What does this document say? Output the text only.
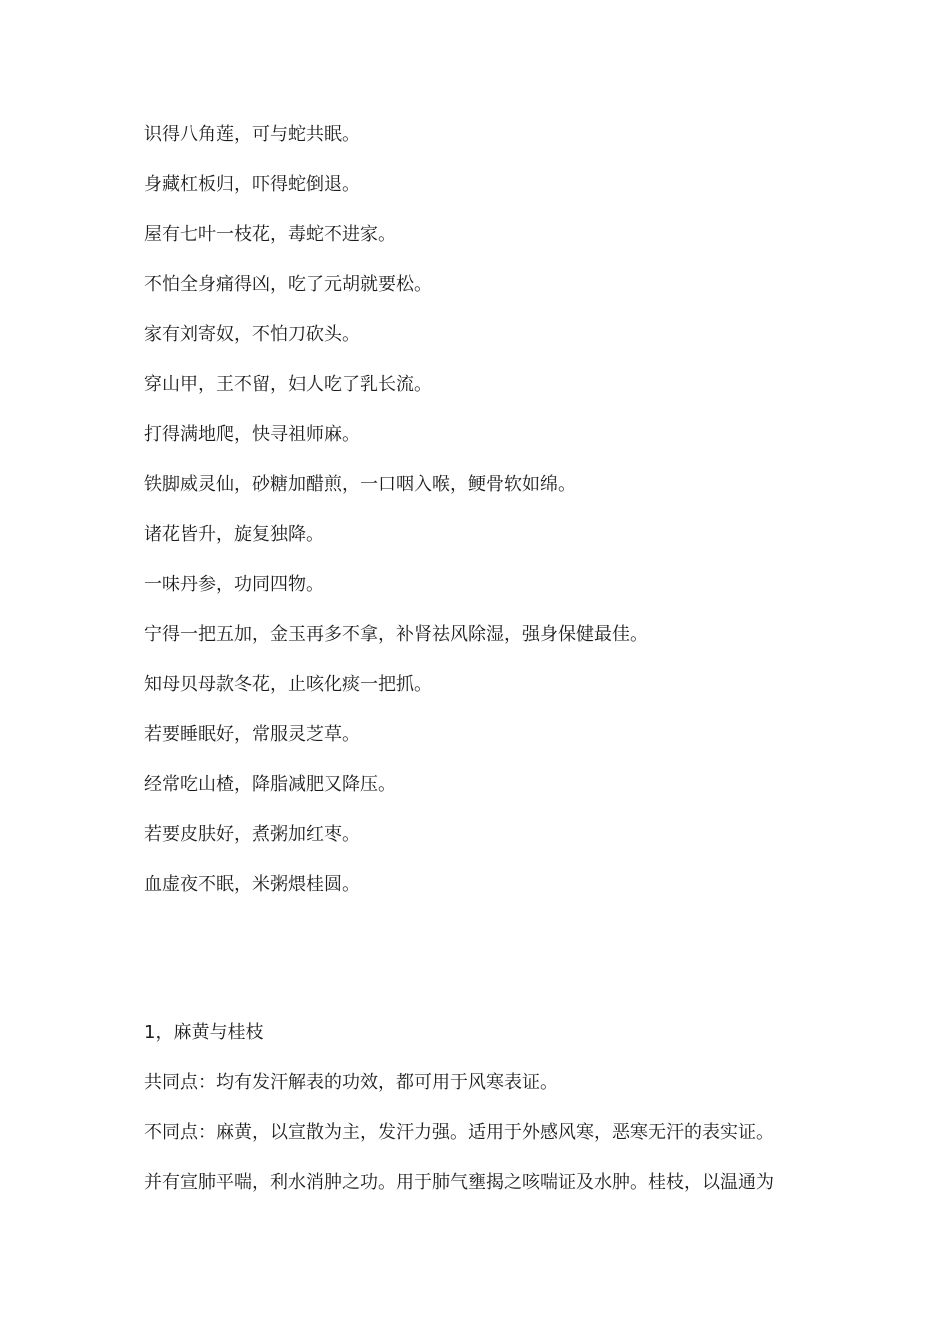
识得八角莲，可与蛇共眠。
身藏杠板归，吓得蛇倒退。
屋有七叶一枝花，毒蛇不进家。
不怕全身痛得凶，吃了元胡就要松。
家有刘寄奴，不怕刀砍头。
穿山甲，王不留，妇人吃了乳长流。
打得满地爬，快寻祖师麻。
铁脚威灵仙，砂糖加醋煎，一口咽入喉，鲠骨软如绵。
诸花皆升，旋复独降。
一味丹参，功同四物。
宁得一把五加，金玉再多不拿，补肾祛风除湿，强身保健最佳。
知母贝母款冬花，止咳化痰一把抓。
若要睡眠好，常服灵芝草。
经常吃山楂，降脂减肥又降压。
若要皮肤好，煮粥加红枣。
血虚夜不眠，米粥煨桂圆。
1，麻黄与桂枝
共同点：均有发汗解表的功效，都可用于风寒表证。
不同点：麻黄，以宣散为主，发汗力强。适用于外感风寒，恶寒无汗的表实证。
并有宣肺平喘，利水消肿之功。用于肺气壅揭之咳喘证及水肿。桂枝，以温通为
